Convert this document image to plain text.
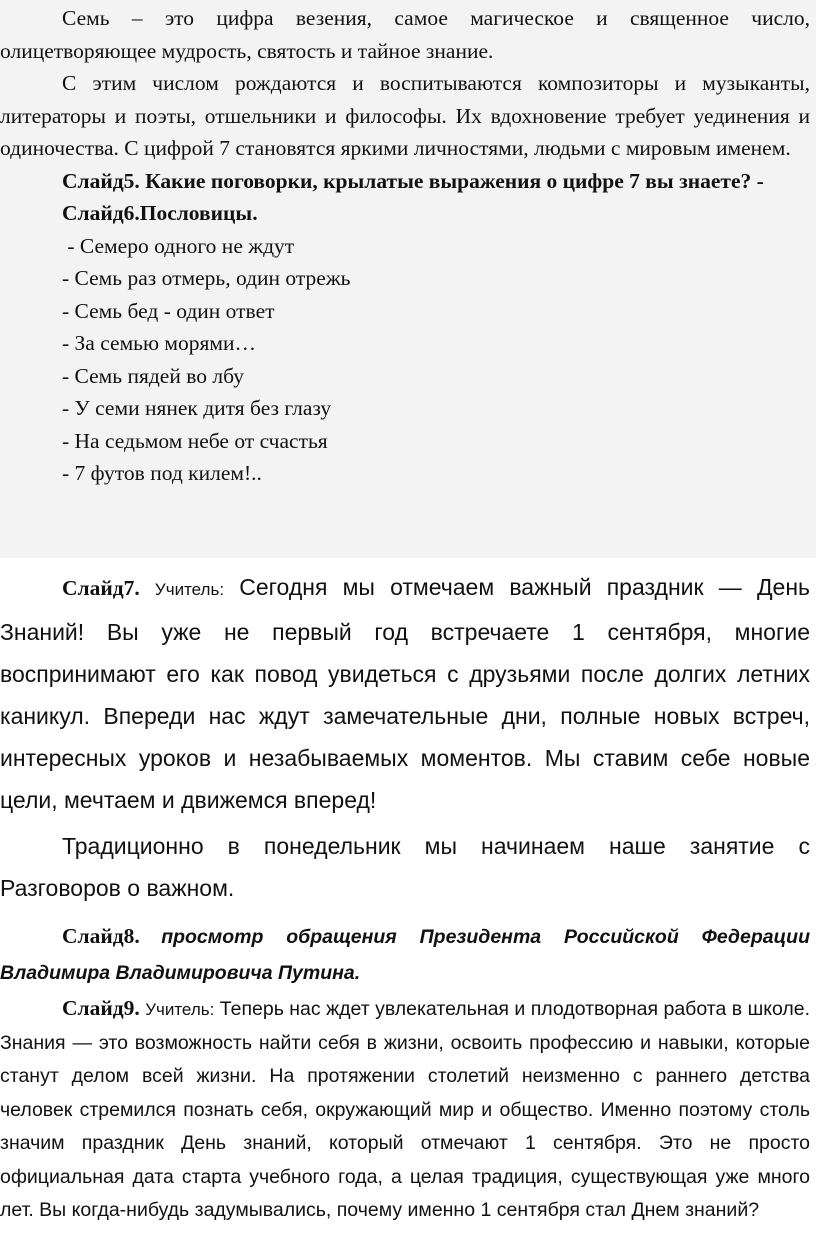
Семь – это цифра везения, самое магическое и священное число, олицетворяющее мудрость, святость и тайное знание.

С этим числом рождаются и воспитываются композиторы и музыканты, литераторы и поэты, отшельники и философы. Их вдохновение требует уединения и одиночества. С цифрой 7 становятся яркими личностями, людьми с мировым именем.

Слайд5. Какие поговорки, крылатые выражения о цифре 7 вы знаете? -

Слайд6.Пословицы.

- Семеро одного не ждут

- Семь раз отмерь, один отрежь

- Семь бед - один ответ

- За семью морями…

- Семь пядей во лбу

- У семи нянек дитя без глазу

- На седьмом небе от счастья

- 7 футов под килем!..

Слайд7. Учитель: Сегодня мы отмечаем важный праздник — День Знаний! Вы уже не первый год встречаете 1 сентября, многие воспринимают его как повод увидеться с друзьями после долгих летних каникул. Впереди нас ждут замечательные дни, полные новых встреч, интересных уроков и незабываемых моментов. Мы ставим себе новые цели, мечтаем и движемся вперед!

Традиционно в понедельник мы начинаем наше занятие с Разговоров о важном.

Слайд8. просмотр обращения Президента Российской Федерации Владимира Владимировича Путина.

Слайд9. Учитель: Теперь нас ждет увлекательная и плодотворная работа в школе. Знания — это возможность найти себя в жизни, освоить профессию и навыки, которые станут делом всей жизни. На протяжении столетий неизменно с раннего детства человек стремился познать себя, окружающий мир и общество. Именно поэтому столь значим праздник День знаний, который отмечают 1 сентября. Это не просто официальная дата старта учебного года, а целая традиция, существующая уже много лет. Вы когда-нибудь задумывались, почему именно 1 сентября стал Днем знаний?
